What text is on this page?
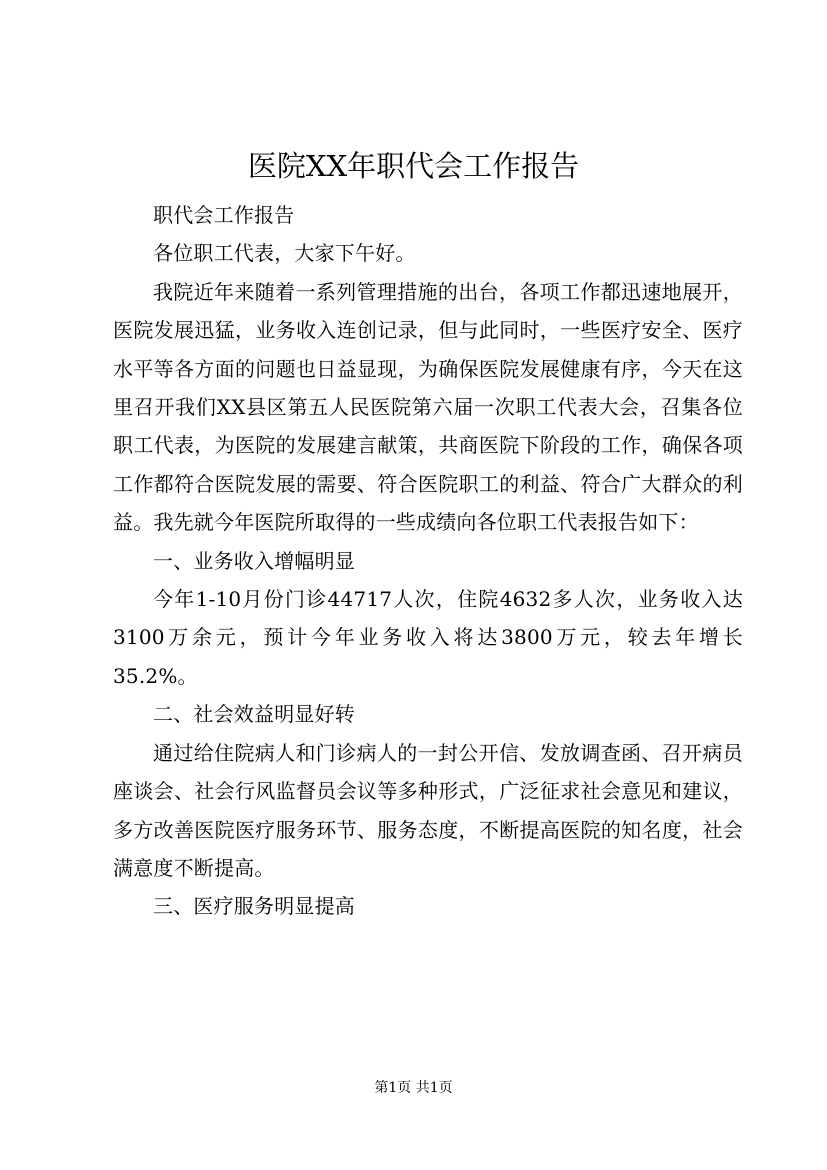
医院XX年职代会工作报告

职代会工作报告

各位职工代表，大家下午好。

我院近年来随着一系列管理措施的出台，各项工作都迅速地展开，医院发展迅猛，业务收入连创记录，但与此同时，一些医疗安全、医疗水平等各方面的问题也日益显现，为确保医院发展健康有序，今天在这里召开我们XX县区第五人民医院第六届一次职工代表大会，召集各位职工代表，为医院的发展建言献策，共商医院下阶段的工作，确保各项工作都符合医院发展的需要、符合医院职工的利益、符合广大群众的利益。我先就今年医院所取得的一些成绩向各位职工代表报告如下：

一、业务收入增幅明显

今年1-10月份门诊44717人次，住院4632多人次，业务收入达3100万余元，预计今年业务收入将达3800万元，较去年增长35.2%。

二、社会效益明显好转

通过给住院病人和门诊病人的一封公开信、发放调查函、召开病员座谈会、社会行风监督员会议等多种形式，广泛征求社会意见和建议，多方改善医院医疗服务环节、服务态度，不断提高医院的知名度，社会满意度不断提高。

三、医疗服务明显提高

第1页 共1页
